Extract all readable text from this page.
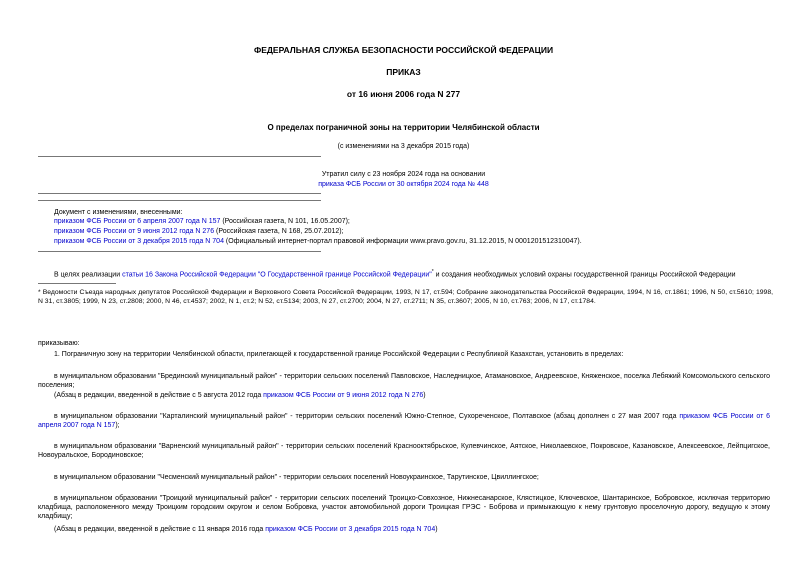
ФЕДЕРАЛЬНАЯ СЛУЖБА БЕЗОПАСНОСТИ РОССИЙСКОЙ ФЕДЕРАЦИИ
ПРИКАЗ
от 16 июня 2006 года N 277
О пределах пограничной зоны на территории Челябинской области
(с изменениями на 3 декабря 2015 года)
Утратил силу с 23 ноября 2024 года на основании
приказа ФСБ России от 30 октября 2024 года № 448
Документ с изменениями, внесенными:
приказом ФСБ России от 6 апреля 2007 года N 157 (Российская газета, N 101, 16.05.2007);
приказом ФСБ России от 9 июня 2012 года N 276 (Российская газета, N 168, 25.07.2012);
приказом ФСБ России от 3 декабря 2015 года N 704 (Официальный интернет-портал правовой информации www.pravo.gov.ru, 31.12.2015, N 0001201512310047).
В целях реализации статьи 16 Закона Российской Федерации "О Государственной границе Российской Федерации"* и создания необходимых условий охраны государственной границы Российской Федерации
* Ведомости Съезда народных депутатов Российской Федерации и Верховного Совета Российской Федерации, 1993, N 17, ст.594; Собрание законодательства Российской Федерации, 1994, N 16, ст.1861; 1996, N 50, ст.5610; 1998, N 31, ст.3805; 1999, N 23, ст.2808; 2000, N 46, ст.4537; 2002, N 1, ст.2; N 52, ст.5134; 2003, N 27, ст.2700; 2004, N 27, ст.2711; N 35, ст.3607; 2005, N 10, ст.763; 2006, N 17, ст.1784.
приказываю:
1. Пограничную зону на территории Челябинской области, прилегающей к государственной границе Российской Федерации с Республикой Казахстан, установить в пределах:
в муниципальном образовании "Брединский муниципальный район" - территории сельских поселений Павловское, Наследницкое, Атамановское, Андреевское, Княженское, поселка Лебяжий Комсомольского сельского поселения;
(Абзац в редакции, введенной в действие с 5 августа 2012 года приказом ФСБ России от 9 июня 2012 года N 276)
в муниципальном образовании "Карталинский муниципальный район" - территории сельских поселений Южно-Степное, Сухореченское, Полтавское (абзац дополнен с 27 мая 2007 года приказом ФСБ России от 6 апреля 2007 года N 157);
в муниципальном образовании "Варненский муниципальный район" - территории сельских поселений Краснооктябрьское, Кулевчинское, Аятское, Николаевское, Покровское, Казановское, Алексеевское, Лейпцигское, Новоуральское, Бородиновское;
в муниципальном образовании "Чесменский муниципальный район" - территории сельских поселений Новоукраинское, Тарутинское, Цвиллингское;
в муниципальном образовании "Троицкий муниципальный район" - территории сельских поселений Троицко-Совхозное, Нижнесанарское, Клястицкое, Ключевское, Шантаринское, Бобровское, исключая территорию кладбища, расположенного между Троицким городским округом и селом Бобровка, участок автомобильной дороги Троицкая ГРЭС - Боброва и примыкающую к нему грунтовую проселочную дорогу, ведущую к этому кладбищу;
(Абзац в редакции, введенной в действие с 11 января 2016 года приказом ФСБ России от 3 декабря 2015 года N 704)
